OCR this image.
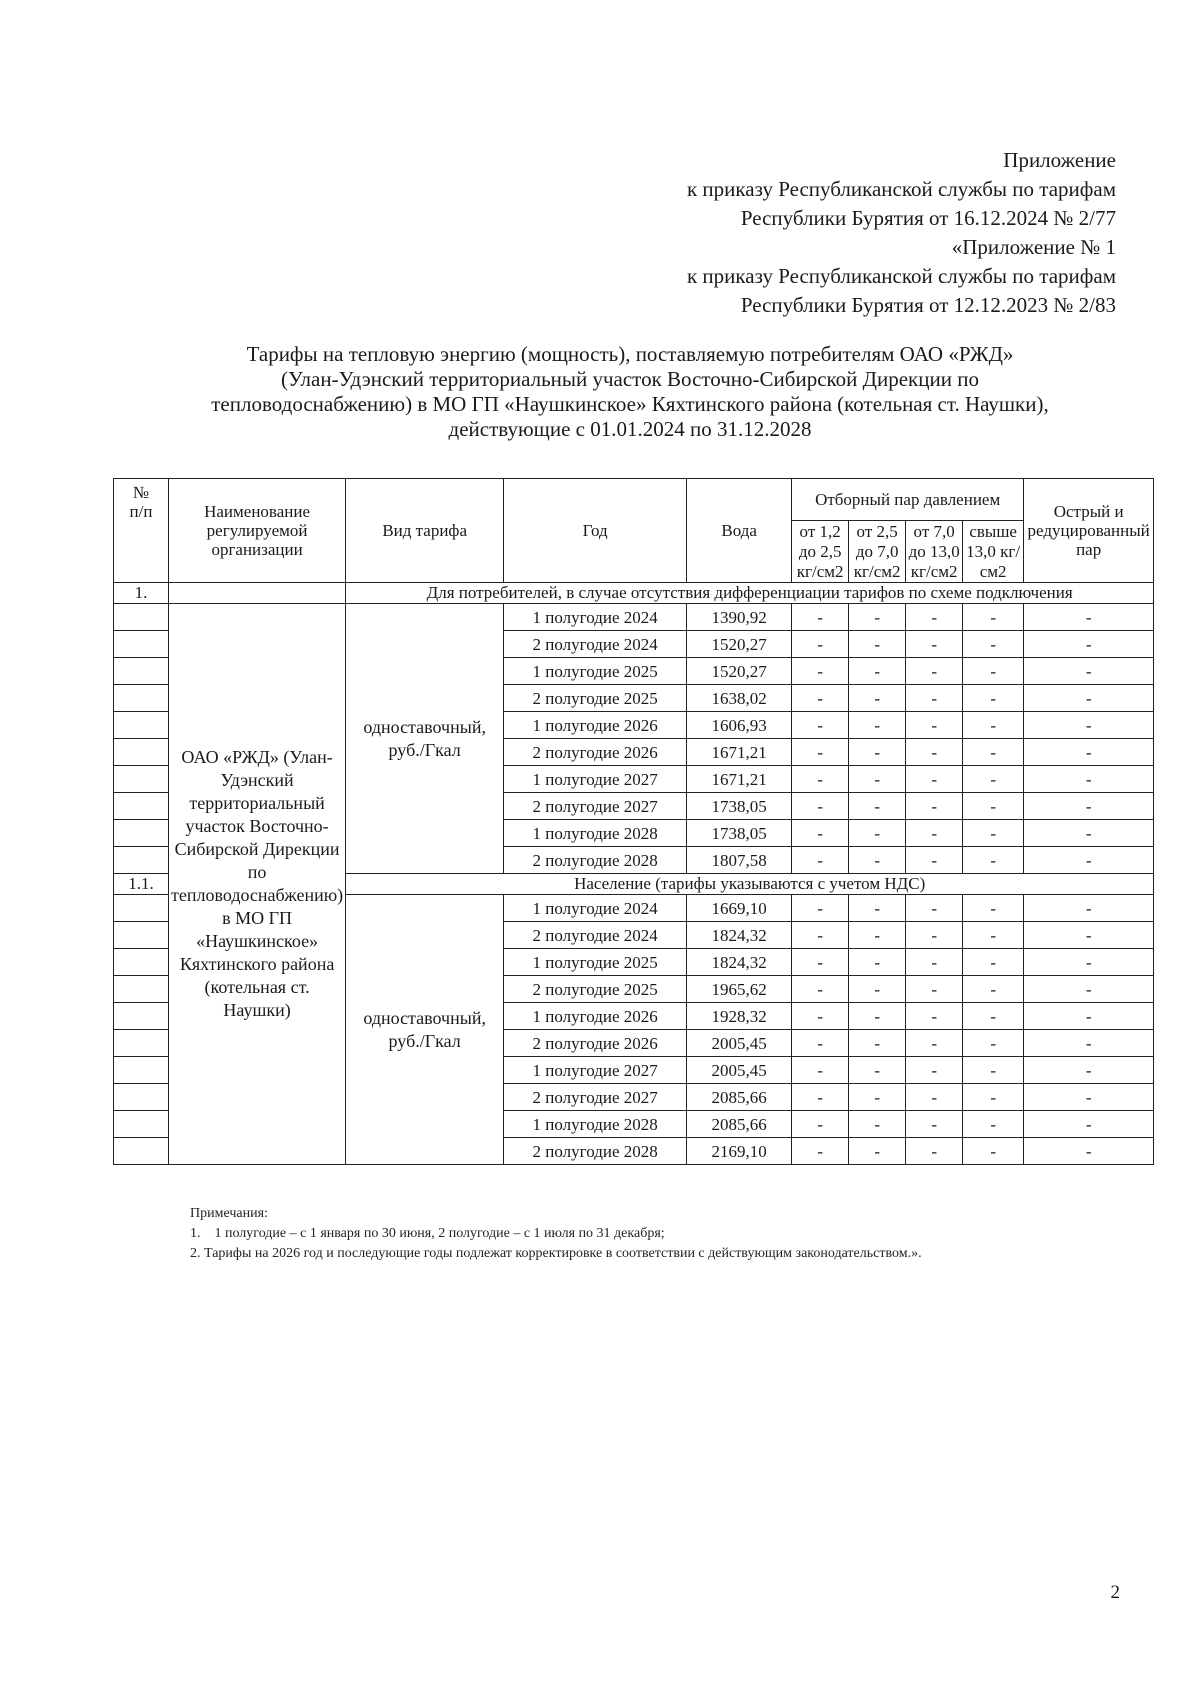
Приложение
к приказу Республиканской службы по тарифам
Республики Бурятия от 16.12.2024 № 2/77
«Приложение № 1
к приказу Республиканской службы по тарифам
Республики Бурятия от 12.12.2023 № 2/83
Тарифы на тепловую энергию (мощность), поставляемую потребителям ОАО «РЖД»
(Улан-Удэнский территориальный участок Восточно-Сибирской Дирекции по
тепловодоснабжению) в МО ГП «Наушкинское» Кяхтинского района (котельная ст. Наушки),
действующие с 01.01.2024 по 31.12.2028
№
п/п	Наименование регулируемой организации	Вид тарифа	Год	Вода	Отборный пар давлением				Острый и редуцированный пар
					от 1,2 до 2,5 кг/см2	от 2,5 до 7,0 кг/см2	от 7,0 до 13,0 кг/см2	свыше 13,0 кг/см2	
1.		Для потребителей, в случае отсутствия дифференциации тарифов по схеме подключения							
	ОАО «РЖД» (Улан-Удэнский территориальный участок Восточно-Сибирской Дирекции по тепловодоснабжению) в МО ГП «Наушкинское» Кяхтинского района (котельная ст. Наушки)	одноставочный, руб./Гкал	1 полугодие 2024	1390,92	-	-	-	-	-
			2 полугодие 2024	1520,27	-	-	-	-	-
			1 полугодие 2025	1520,27	-	-	-	-	-
			2 полугодие 2025	1638,02	-	-	-	-	-
			1 полугодие 2026	1606,93	-	-	-	-	-
			2 полугодие 2026	1671,21	-	-	-	-	-
			1 полугодие 2027	1671,21	-	-	-	-	-
			2 полугодие 2027	1738,05	-	-	-	-	-
			1 полугодие 2028	1738,05	-	-	-	-	-
			2 полугодие 2028	1807,58	-	-	-	-	-
1.1.		Население (тарифы указываются с учетом НДС)							
		одноставочный, руб./Гкал	1 полугодие 2024	1669,10	-	-	-	-	-
			2 полугодие 2024	1824,32	-	-	-	-	-
			1 полугодие 2025	1824,32	-	-	-	-	-
			2 полугодие 2025	1965,62	-	-	-	-	-
			1 полугодие 2026	1928,32	-	-	-	-	-
			2 полугодие 2026	2005,45	-	-	-	-	-
			1 полугодие 2027	2005,45	-	-	-	-	-
			2 полугодие 2027	2085,66	-	-	-	-	-
			1 полугодие 2028	2085,66	-	-	-	-	-
			2 полугодие 2028	2169,10	-	-	-	-	-
Примечания:
1.    1 полугодие – с 1 января по 30 июня, 2 полугодие – с 1 июля по 31 декабря;
2. Тарифы на 2026 год и последующие годы подлежат корректировке в соответствии с действующим законодательством.».
2
